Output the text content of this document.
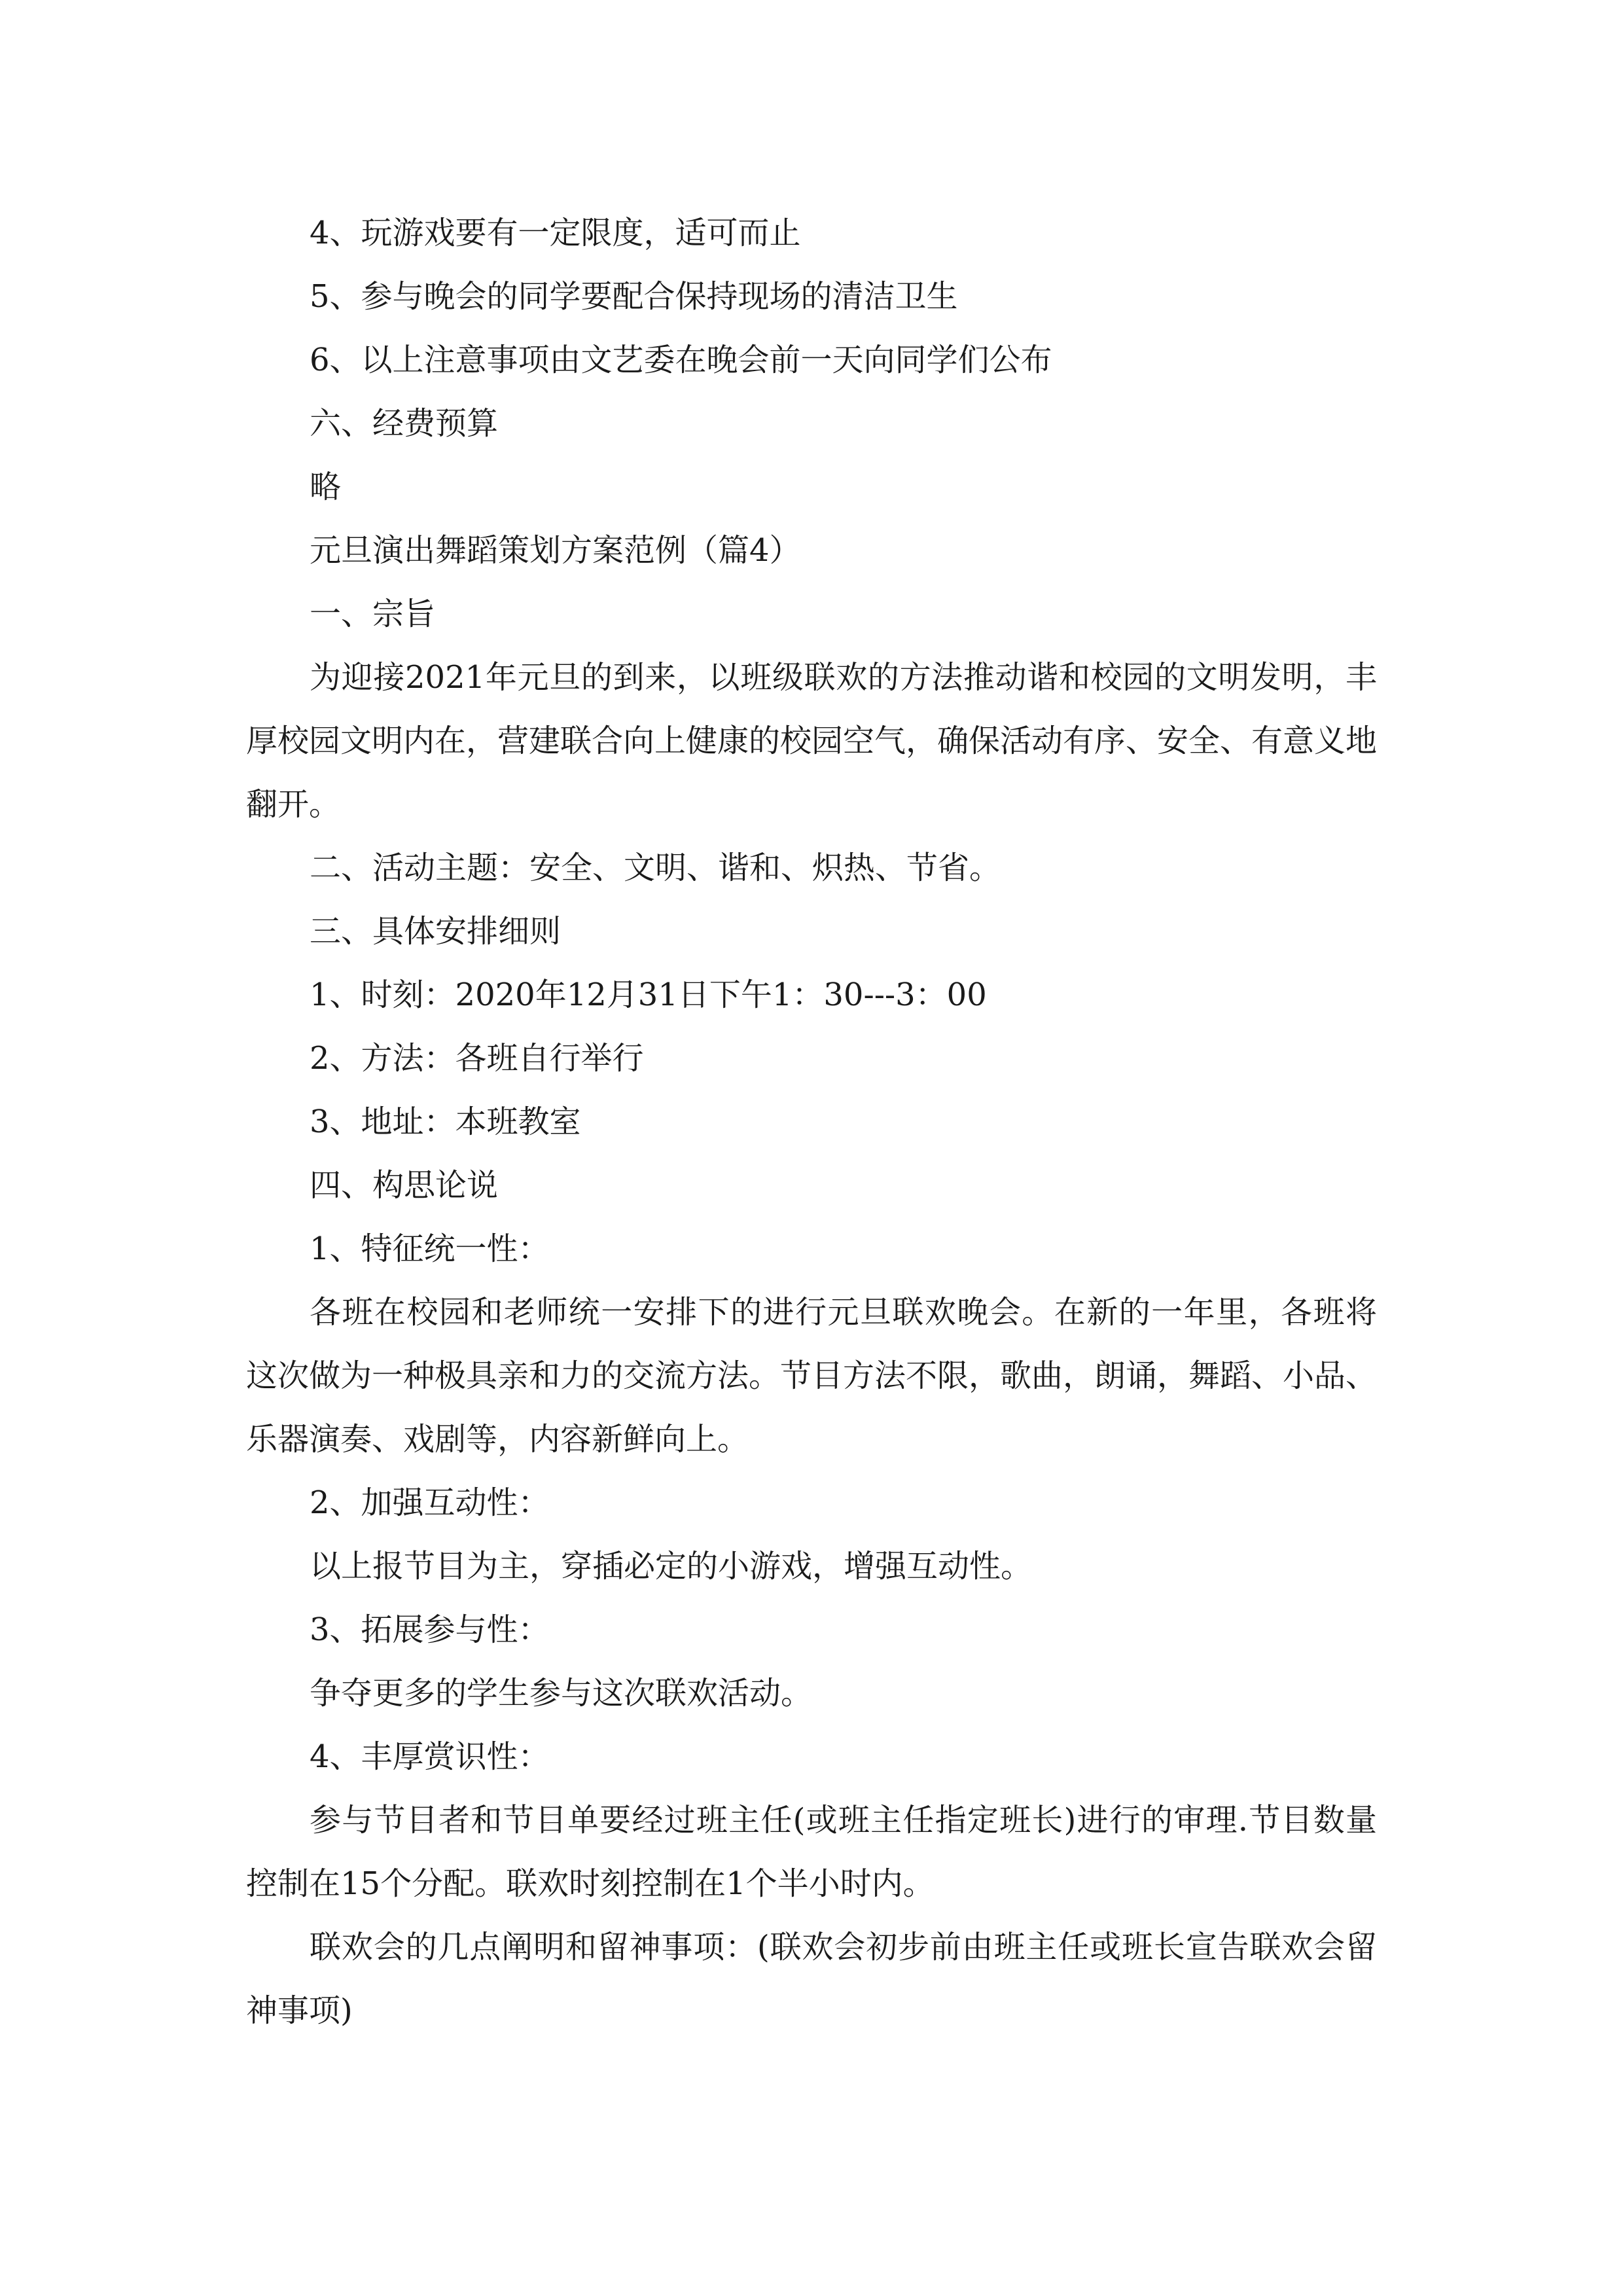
4、玩游戏要有一定限度，适可而止

5、参与晚会的同学要配合保持现场的清洁卫生

6、以上注意事项由文艺委在晚会前一天向同学们公布

六、经费预算

略

元旦演出舞蹈策划方案范例（篇4）

一、宗旨

为迎接2021年元旦的到来，以班级联欢的方法推动谐和校园的文明发明，丰厚校园文明内在，营建联合向上健康的校园空气，确保活动有序、安全、有意义地翻开。

二、活动主题：安全、文明、谐和、炽热、节省。

三、具体安排细则

1、时刻：2020年12月31日下午1：30---3：00

2、方法：各班自行举行

3、地址：本班教室

四、构思论说

1、特征统一性：

各班在校园和老师统一安排下的进行元旦联欢晚会。在新的一年里，各班将这次做为一种极具亲和力的交流方法。节目方法不限，歌曲，朗诵，舞蹈、小品、乐器演奏、戏剧等，内容新鲜向上。

2、加强互动性：

以上报节目为主，穿插必定的小游戏，增强互动性。

3、拓展参与性：

争夺更多的学生参与这次联欢活动。

4、丰厚赏识性：

参与节目者和节目单要经过班主任(或班主任指定班长)进行的审理.节目数量控制在15个分配。联欢时刻控制在1个半小时内。

联欢会的几点阐明和留神事项：(联欢会初步前由班主任或班长宣告联欢会留神事项)
